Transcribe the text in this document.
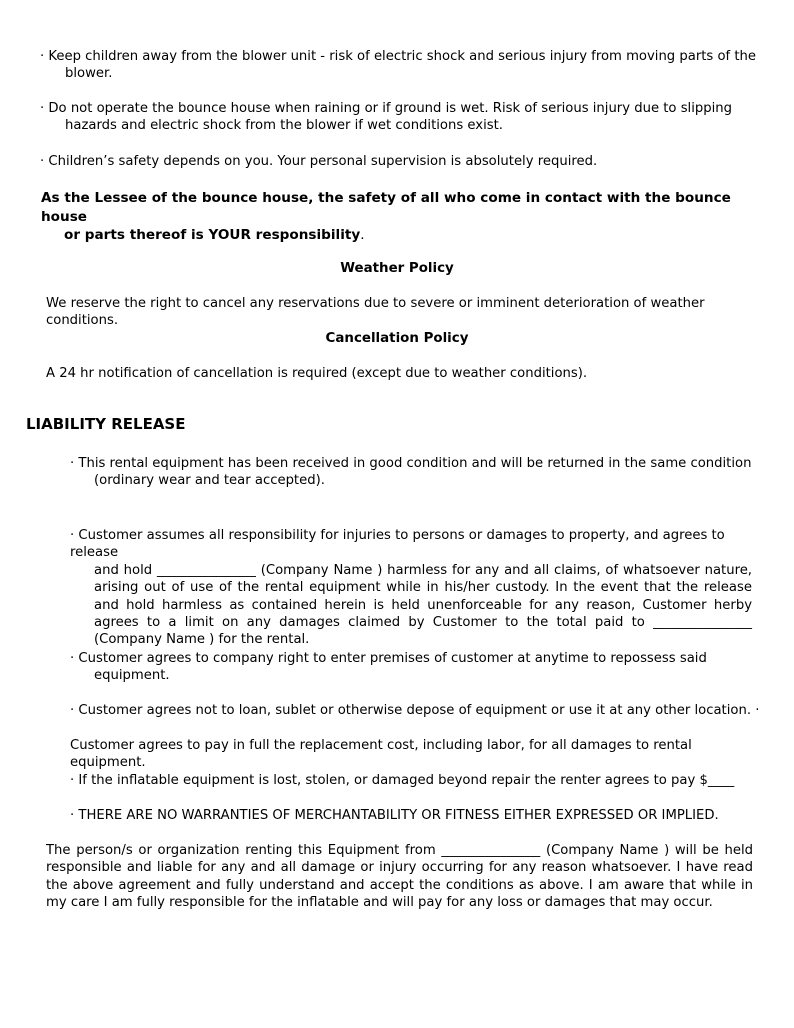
· Keep children away from the blower unit - risk of electric shock and serious injury from moving parts of the
blower.
· Do not operate the bounce house when raining or if ground is wet. Risk of serious injury due to slipping
hazards and electric shock from the blower if wet conditions exist.
· Children’s safety depends on you. Your personal supervision is absolutely required.
As the Lessee of the bounce house, the safety of all who come in contact with the bounce house
or parts thereof is YOUR responsibility.
Weather Policy
We reserve the right to cancel any reservations due to severe or imminent deterioration of weather conditions.
Cancellation Policy
A 24 hr notification of cancellation is required (except due to weather conditions).
LIABILITY RELEASE
· This rental equipment has been received in good condition and will be returned in the same condition
(ordinary wear and tear accepted).
· Customer assumes all responsibility for injuries to persons or damages to property, and agrees to release
and hold _______________ (Company Name ) harmless for any and all claims, of whatsoever nature, arising out of use of the rental equipment while in his/her custody. In the event that the release and hold harmless as contained herein is held unenforceable for any reason, Customer herby agrees to a limit on any damages claimed by Customer to the total paid to _______________ (Company Name ) for the rental.
· Customer agrees to company right to enter premises of customer at anytime to repossess said
equipment.
· Customer agrees not to loan, sublet or otherwise depose of equipment or use it at any other location. ·
Customer agrees to pay in full the replacement cost, including labor, for all damages to rental equipment.
· If the inflatable equipment is lost, stolen, or damaged beyond repair the renter agrees to pay $____
· THERE ARE NO WARRANTIES OF MERCHANTABILITY OR FITNESS EITHER EXPRESSED OR IMPLIED.
The person/s or organization renting this Equipment from _______________ (Company Name ) will be held responsible and liable for any and all damage or injury occurring for any reason whatsoever. I have read the above agreement and fully understand and accept the conditions as above. I am aware that while in my care I am fully responsible for the inflatable and will pay for any loss or damages that may occur.
